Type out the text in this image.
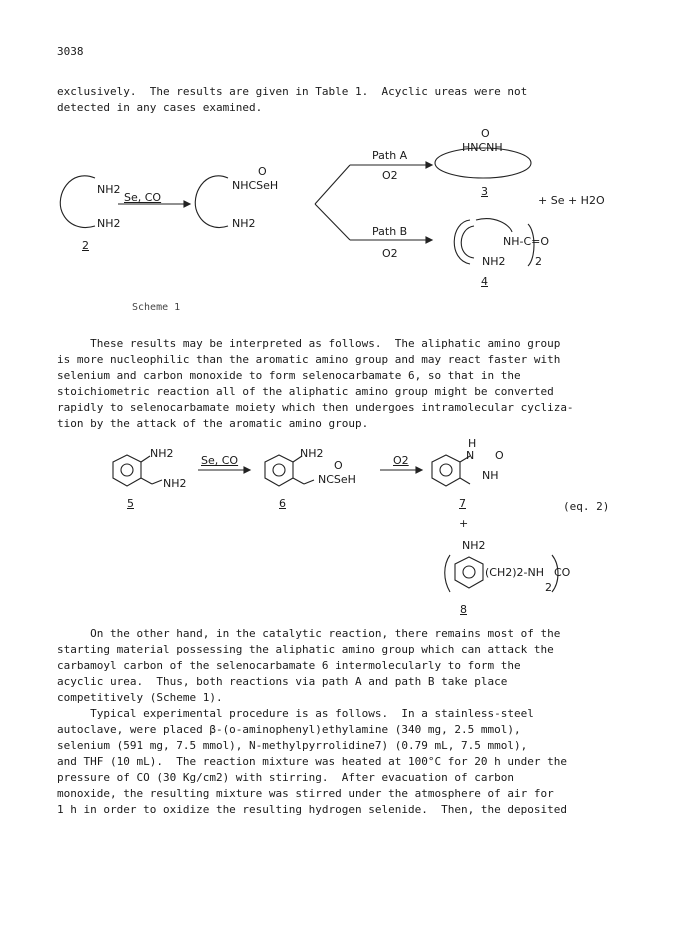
3038
exclusively.  The results are given in Table 1.  Acyclic ureas were not
detected in any cases examined.
NH2
NH2
Se, CO
2
O
NHCSeH
NH2
Path A
O2
Path B
O2
O
HNCNH
3
+ Se + H2O
NH-C=O
NH2	2
4
Scheme 1
These results may be interpreted as follows.  The aliphatic amino group
is more nucleophilic than the aromatic amino group and may react faster with
selenium and carbon monoxide to form selenocarbamate 6, so that in the
stoichiometric reaction all of the aliphatic amino group might be converted
rapidly to selenocarbamate moiety which then undergoes intramolecular cycliza-
tion by the attack of the aromatic amino group.
NH2
NH2
5
Se, CO
NH2
O
NCSeH
6
O2
H
N O
NH
7	(eq. 2)
+
NH2
(CH2)2-NH CO
2
8
On the other hand, in the catalytic reaction, there remains most of the
starting material possessing the aliphatic amino group which can attack the
carbamoyl carbon of the selenocarbamate 6 intermolecularly to form the
acyclic urea.  Thus, both reactions via path A and path B take place
competitively (Scheme 1).
Typical experimental procedure is as follows.  In a stainless-steel
autoclave, were placed β-(o-aminophenyl)ethylamine (340 mg, 2.5 mmol),
selenium (591 mg, 7.5 mmol), N-methylpyrrolidine7) (0.79 mL, 7.5 mmol),
and THF (10 mL).  The reaction mixture was heated at 100°C for 20 h under the
pressure of CO (30 Kg/cm2) with stirring.  After evacuation of carbon
monoxide, the resulting mixture was stirred under the atmosphere of air for
1 h in order to oxidize the resulting hydrogen selenide.  Then, the deposited
